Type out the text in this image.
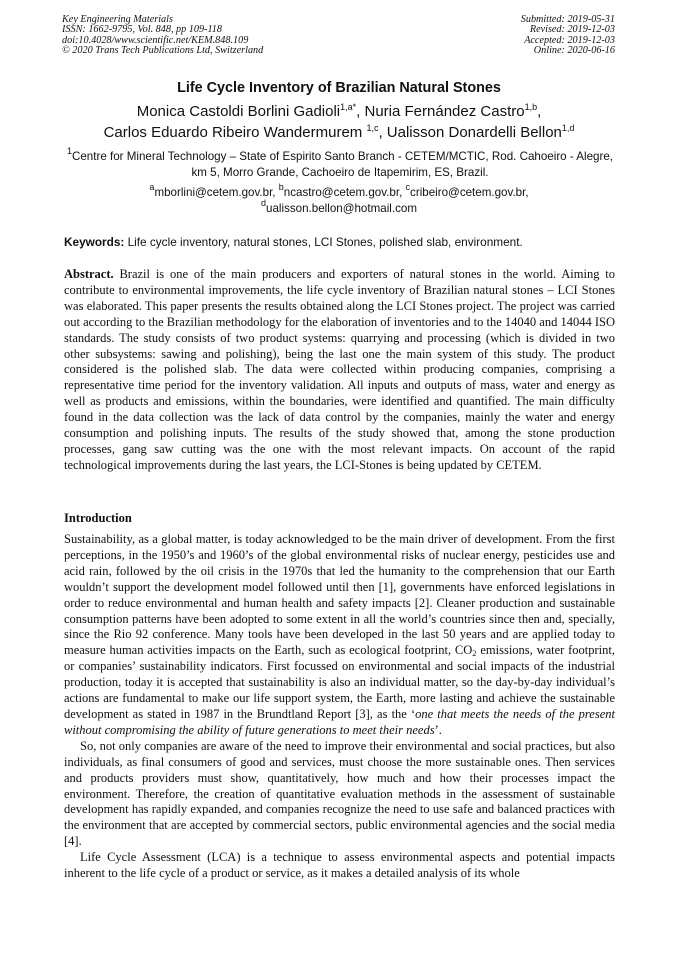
Key Engineering Materials
ISSN: 1662-9795, Vol. 848, pp 109-118
doi:10.4028/www.scientific.net/KEM.848.109
© 2020 Trans Tech Publications Ltd, Switzerland
Submitted: 2019-05-31
Revised: 2019-12-03
Accepted: 2019-12-03
Online: 2020-06-16
Life Cycle Inventory of Brazilian Natural Stones
Monica Castoldi Borlini Gadioli$^{1,a*}$, Nuria Fernández Castro$^{1,b}$,
Carlos Eduardo Ribeiro Wandermurem $^{1,c}$, Ualisson Donardelli Bellon$^{1,d}$
$^1$Centre for Mineral Technology – State of Espirito Santo Branch - CETEM/MCTIC, Rod. Cahoeiro - Alegre, km 5, Morro Grande, Cachoeiro de Itapemirim, ES, Brazil.
$^a$mborlini@cetem.gov.br, $^b$ncastro@cetem.gov.br, $^c$cribeiro@cetem.gov.br,
$^d$ualisson.bellon@hotmail.com
Keywords: Life cycle inventory, natural stones, LCI Stones, polished slab, environment.

Abstract. Brazil is one of the main producers and exporters of natural stones in the world. Aiming to contribute to environmental improvements, the life cycle inventory of Brazilian natural stones – LCI Stones was elaborated. This paper presents the results obtained along the LCI Stones project. The project was carried out according to the Brazilian methodology for the elaboration of inventories and to the 14040 and 14044 ISO standards. The study consists of two product systems: quarrying and processing (which is divided in two other subsystems: sawing and polishing), being the last one the main system of this study. The product considered is the polished slab. The data were collected within producing companies, comprising a representative time period for the inventory validation. All inputs and outputs of mass, water and energy as well as products and emissions, within the boundaries, were identified and quantified. The main difficulty found in the data collection was the lack of data control by the companies, mainly the water and energy consumption and polishing inputs. The results of the study showed that, among the stone production processes, gang saw cutting was the one with the most relevant impacts. On account of the rapid technological improvements during the last years, the LCI-Stones is being updated by CETEM.

Introduction

Sustainability, as a global matter, is today acknowledged to be the main driver of development. From the first perceptions, in the 1950’s and 1960’s of the global environmental risks of nuclear energy, pesticides use and acid rain, followed by the oil crisis in the 1970s that led the humanity to the comprehension that our Earth wouldn’t support the development model followed until then [1], governments have enforced legislations in order to reduce environmental and human health and safety impacts [2]. Cleaner production and sustainable consumption patterns have been adopted to some extent in all the world’s countries since then and, specially, since the Rio 92 conference. Many tools have been developed in the last 50 years and are applied today to measure human activities impacts on the Earth, such as ecological footprint, $CO_2$ emissions, water footprint, or companies’ sustainability indicators. First focussed on environmental and social impacts of the industrial production, today it is accepted that sustainability is also an individual matter, so the day-by-day individual’s actions are fundamental to make our life support system, the Earth, more lasting and achieve the sustainable development as stated in 1987 in the Brundtland Report [3], as the ‘one that meets the needs of the present without compromising the ability of future generations to meet their needs’.

So, not only companies are aware of the need to improve their environmental and social practices, but also individuals, as final consumers of good and services, must choose the more sustainable ones. Then services and products providers must show, quantitatively, how much and how their processes impact the environment. Therefore, the creation of quantitative evaluation methods in the assessment of sustainable development has rapidly expanded, and companies recognize the need to use safe and balanced practices with the environment that are accepted by commercial sectors, public environmental agencies and the social media [4].

Life Cycle Assessment (LCA) is a technique to assess environmental aspects and potential impacts inherent to the life cycle of a product or service, as it makes a detailed analysis of its whole
